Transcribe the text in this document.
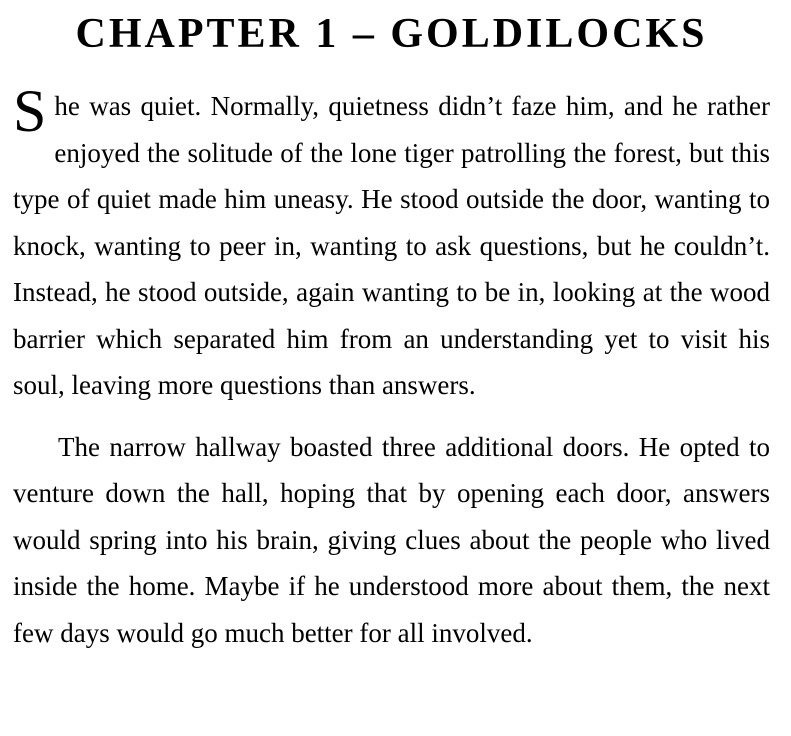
CHAPTER 1 – GOLDILOCKS

She was quiet. Normally, quietness didn’t faze him, and he rather enjoyed the solitude of the lone tiger patrolling the forest, but this type of quiet made him uneasy. He stood outside the door, wanting to knock, wanting to peer in, wanting to ask questions, but he couldn’t. Instead, he stood outside, again wanting to be in, looking at the wood barrier which separated him from an understanding yet to visit his soul, leaving more questions than answers.

The narrow hallway boasted three additional doors. He opted to venture down the hall, hoping that by opening each door, answers would spring into his brain, giving clues about the people who lived inside the home. Maybe if he understood more about them, the next few days would go much better for all involved.
